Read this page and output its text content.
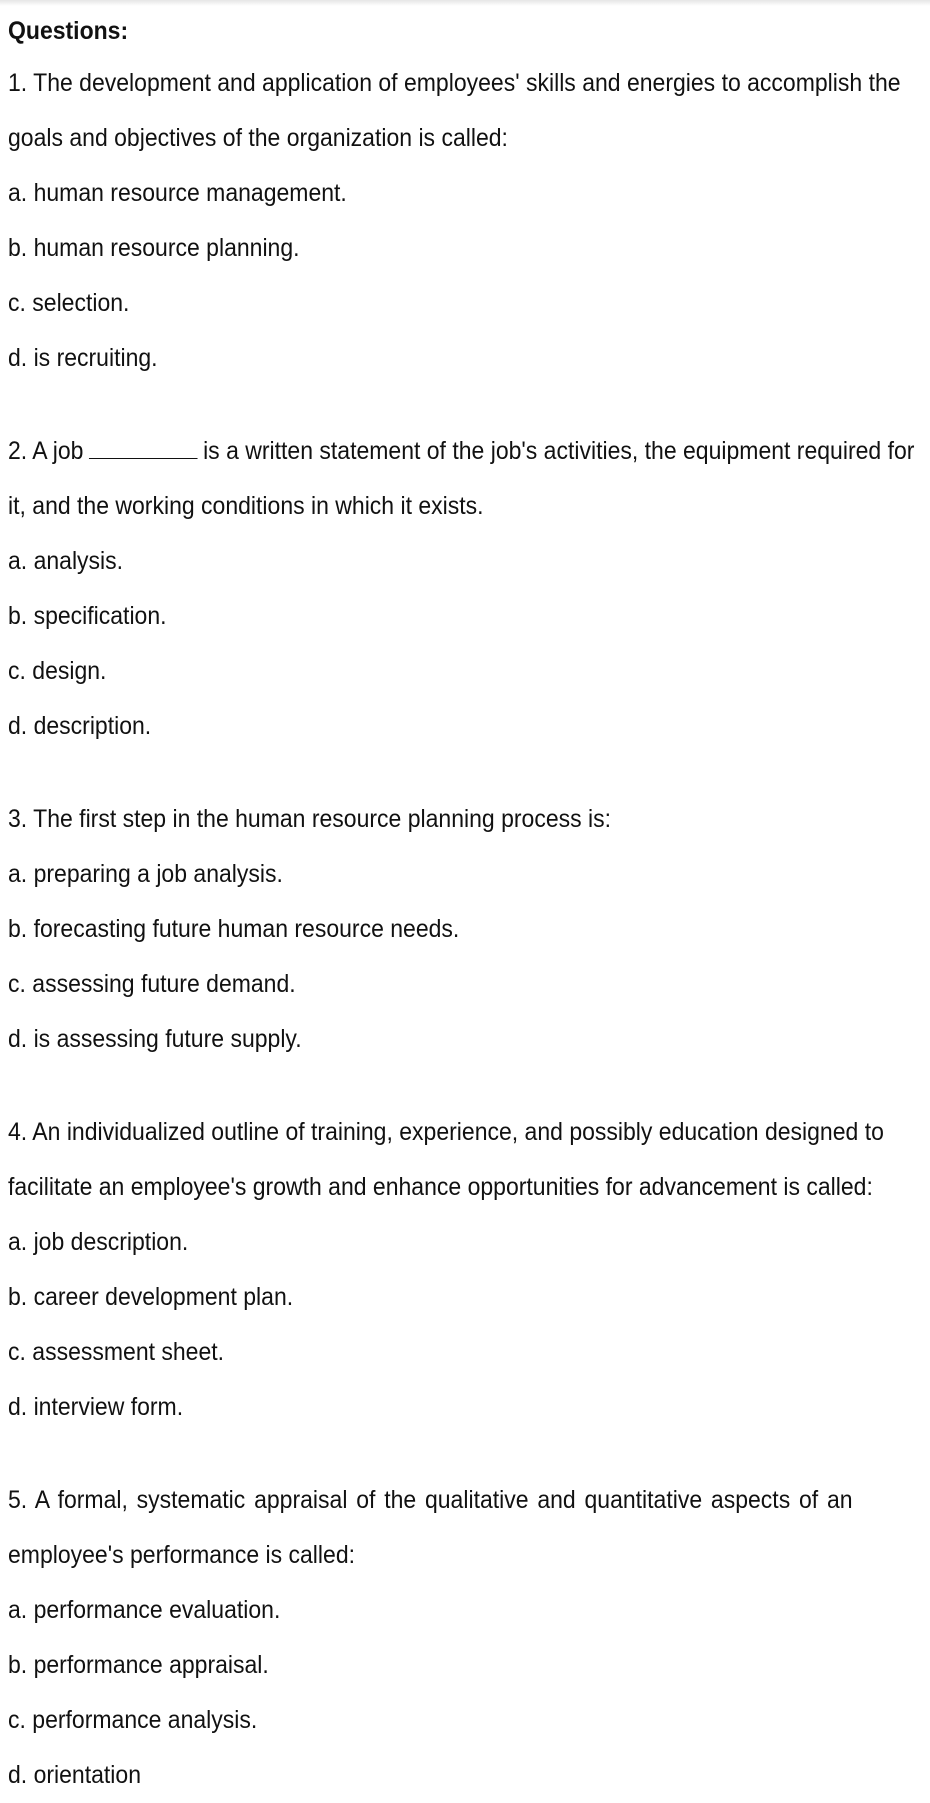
Questions:
1. The development and application of employees' skills and energies to accomplish the
goals and objectives of the organization is called:
a. human resource management.
b. human resource planning.
c. selection.
d. is recruiting.
2. A job	is a written statement of the job's activities, the equipment required for
it, and the working conditions in which it exists.
a. analysis.
b. specification.
c. design.
d. description.
3. The first step in the human resource planning process is:
a. preparing a job analysis.
b. forecasting future human resource needs.
c. assessing future demand.
d. is assessing future supply.
4. An individualized outline of training, experience, and possibly education designed to
facilitate an employee's growth and enhance opportunities for advancement is called:
a. job description.
b. career development plan.
c. assessment sheet.
d. interview form.
5. A formal, systematic appraisal of the qualitative and quantitative aspects of an
employee's performance is called:
a. performance evaluation.
b. performance appraisal.
c. performance analysis.
d. orientation
